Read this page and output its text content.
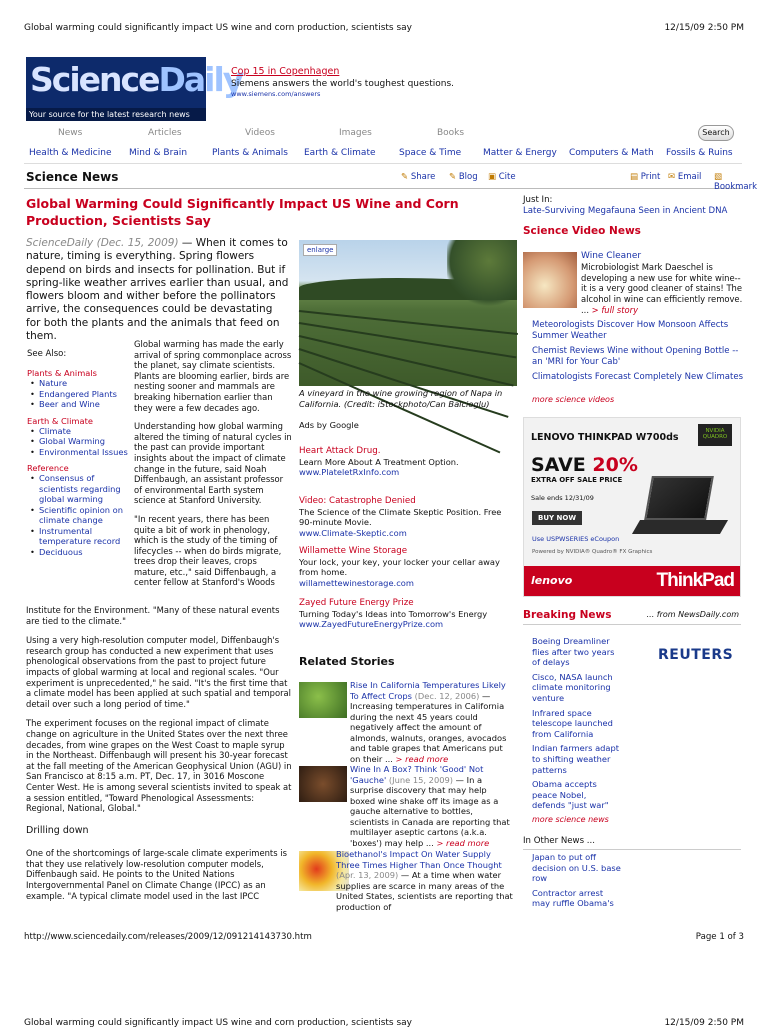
Global warming could significantly impact US wine and corn production, scientists say	12/15/09 2:50 PM
ScienceDaily
Your source for the latest research news
Cop 15 in Copenhagen
Siemens answers the world's toughest questions.
www.siemens.com/answers
News	Articles	Videos	Images	Books	Search
Health & Medicine Mind & Brain	Plants & Animals Earth & Climate	Space & Time Matter & Energy Computers & Math Fossils & Ruins
Science News	✎ Share ✎ Blog ▣ Cite	▤ Print ✉ Email ▧ Bookmark
Global Warming Could Significantly Impact US Wine and Corn Production, Scientists Say
ScienceDaily (Dec. 15, 2009) — When it comes to nature, timing is everything. Spring flowers depend on birds and insects for pollination. But if spring-like weather arrives earlier than usual, and flowers bloom and wither before the pollinators arrive, the consequences could be devastating for both the plants and the animals that feed on them.
See Also:
Plants & Animals
• Nature
• Endangered Plants
• Beer and Wine
Earth & Climate
• Climate
• Global Warming
• Environmental Issues
Reference
• Consensus of scientists regarding global warming
• Scientific opinion on climate change
• Instrumental temperature record
• Deciduous

Global warming has made the early arrival of spring commonplace across the planet, say climate scientists. Plants are blooming earlier, birds are nesting sooner and mammals are breaking hibernation earlier than they were a few decades ago.

Understanding how global warming altered the timing of natural cycles in the past can provide important insights about the impact of climate change in the future, said Noah Diffenbaugh, an assistant professor of environmental Earth system science at Stanford University.

"In recent years, there has been quite a bit of work in phenology, which is the study of the timing of lifecycles -- when do birds migrate, trees drop their leaves, crops mature, etc.," said Diffenbaugh, a center fellow at Stanford's Woods

Institute for the Environment. "Many of these natural events are tied to the climate."

Using a very high-resolution computer model, Diffenbaugh's research group has conducted a new experiment that uses phenological observations from the past to project future impacts of global warming at local and regional scales. "Our experiment is unprecedented," he said. "It's the first time that a climate model has been applied at such spatial and temporal detail over such a long period of time."

The experiment focuses on the regional impact of climate change on agriculture in the United States over the next three decades, from wine grapes on the West Coast to maple syrup in the Northeast. Diffenbaugh will present his 30-year forecast at the fall meeting of the American Geophysical Union (AGU) in San Francisco at 8:15 a.m. PT, Dec. 17, in 3016 Moscone Center West. He is among several scientists invited to speak at a session entitled, "Toward Phenological Assessments: Regional, National, Global."

Drilling down

One of the shortcomings of large-scale climate experiments is that they use relatively low-resolution computer models, Diffenbaugh said. He points to the United Nations Intergovernmental Panel on Climate Change (IPCC) as an example. "A typical climate model used in the last IPCC

enlarge
A vineyard in the wine growing region of Napa in California. (Credit: iStockphoto/Can Balcioglu)
Ads by Google
Heart Attack Drug.
Learn More About A Treatment Option.
www.PlateletRxInfo.com
Video: Catastrophe Denied
The Science of the Climate Skeptic Position. Free 90-minute Movie.
www.Climate-Skeptic.com
Willamette Wine Storage
Your lock, your key, your locker your cellar away from home.
willamettewinestorage.com
Zayed Future Energy Prize
Turning Today's Ideas into Tomorrow's Energy
www.ZayedFutureEnergyPrize.com
Related Stories
Rise In California Temperatures Likely To Affect Crops (Dec. 12, 2006) — Increasing temperatures in California during the next 45 years could negatively affect the amount of almonds, walnuts, oranges, avocados and table grapes that Americans put on their ... > read more
Wine In A Box? Think 'Good' Not 'Gauche' (June 15, 2009) — In a surprise discovery that may help boxed wine shake off its image as a gauche alternative to bottles, scientists in Canada are reporting that multilayer aseptic cartons (a.k.a. 'boxes') may help ... > read more
Bioethanol's Impact On Water Supply Three Times Higher Than Once Thought (Apr. 13, 2009) — At a time when water supplies are scarce in many areas of the United States, scientists are reporting that production of
Just In:
Late-Surviving Megafauna Seen in Ancient DNA
Science Video News
Wine Cleaner
Microbiologist Mark Daeschel is developing a new use for white wine--it is a very good cleaner of stains! The alcohol in wine can efficiently remove. ... > full story
Meteorologists Discover How Monsoon Affects Summer Weather
Chemist Reviews Wine without Opening Bottle -- an 'MRI for Your Cab'
Climatologists Forecast Completely New Climates
more science videos
LENOVO THINKPAD W700ds
NVIDIA QUADRO
SAVE 20%
EXTRA OFF SALE PRICE
Sale ends 12/31/09
BUY NOW
Use USPWSERIES eCoupon
Powered by NVIDIA® Quadro® FX Graphics
lenovo	ThinkPad
Breaking News	... from NewsDaily.com
Boeing Dreamliner flies after two years of delays
Cisco, NASA launch climate monitoring venture
Infrared space telescope launched from California
Indian farmers adapt to shifting weather patterns
Obama accepts peace Nobel, defends "just war"
REUTERS
more science news
In Other News ...
Japan to put off decision on U.S. base row
Contractor arrest may ruffle Obama's
http://www.sciencedaily.com/releases/2009/12/091214143730.htm	Page 1 of 3
Global warming could significantly impact US wine and corn production, scientists say	12/15/09 2:50 PM
